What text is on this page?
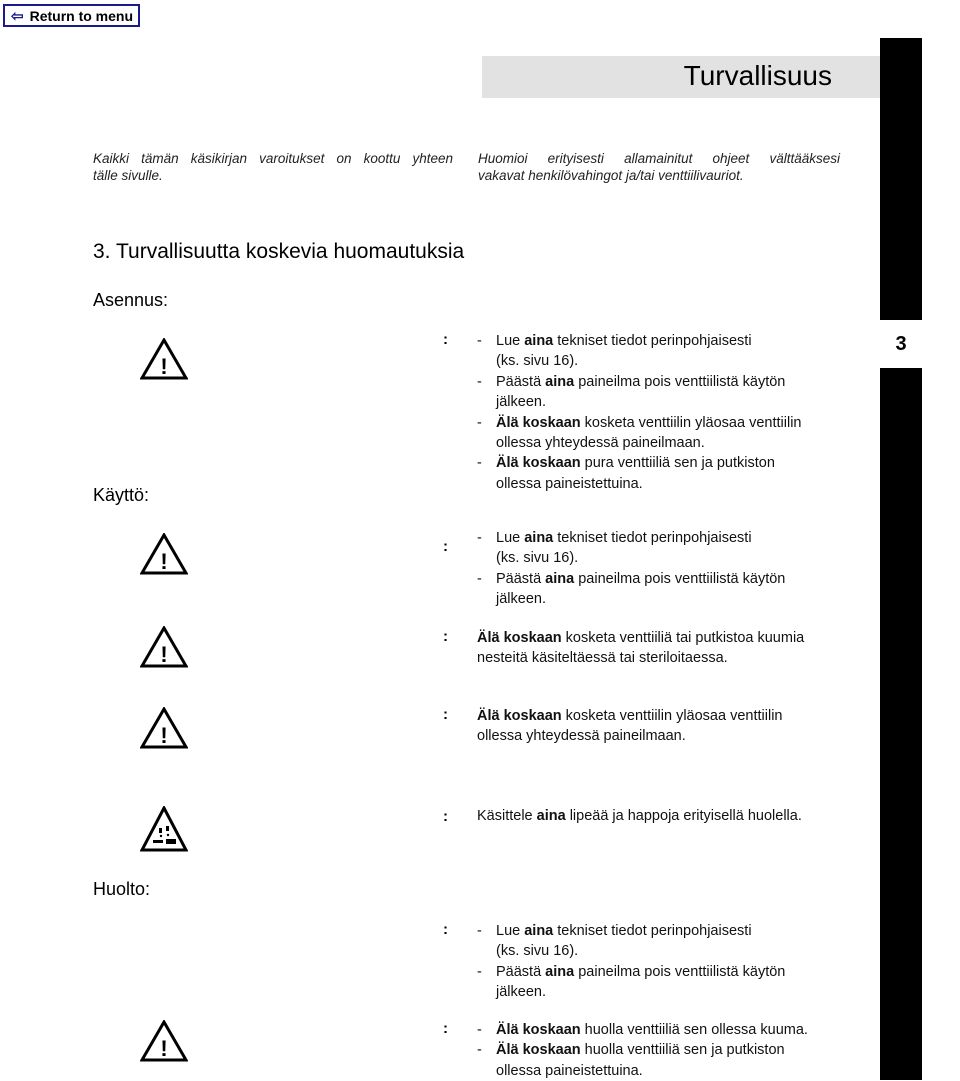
⇦ Return to menu
Turvallisuus
3
Kaikki tämän käsikirjan varoitukset on koottu yhteen
tälle sivulle.
Huomioi erityisesti allamainitut ohjeet välttääksesi
vakavat henkilövahingot ja/tai venttiilivauriot.
3. Turvallisuutta koskevia huomautuksia
Asennus:
Käyttö:
Huolto:
!
!
!
!
!
:
:
:
:
:
:
:
-Lue aina tekniset tiedot perinpohjaisesti
(ks. sivu 16).
-Päästä aina paineilma pois venttiilistä käytön
jälkeen.
-Älä koskaan kosketa venttiilin yläosaa venttiilin
ollessa yhteydessä paineilmaan.
-Älä koskaan pura venttiiliä sen ja putkiston
ollessa paineistettuina.
-Lue aina tekniset tiedot perinpohjaisesti
(ks. sivu 16).
-Päästä aina paineilma pois venttiilistä käytön
jälkeen.
Älä koskaan kosketa venttiiliä tai putkistoa kuumia
nesteitä käsiteltäessä tai steriloitaessa.
Älä koskaan kosketa venttiilin yläosaa venttiilin
ollessa yhteydessä paineilmaan.
Käsittele aina lipeää ja happoja erityisellä huolella.
-Lue aina tekniset tiedot perinpohjaisesti
(ks. sivu 16).
-Päästä aina paineilma pois venttiilistä käytön
jälkeen.
-Älä koskaan huolla venttiiliä sen ollessa kuuma.
-Älä koskaan huolla venttiiliä sen ja putkiston
ollessa paineistettuina.
